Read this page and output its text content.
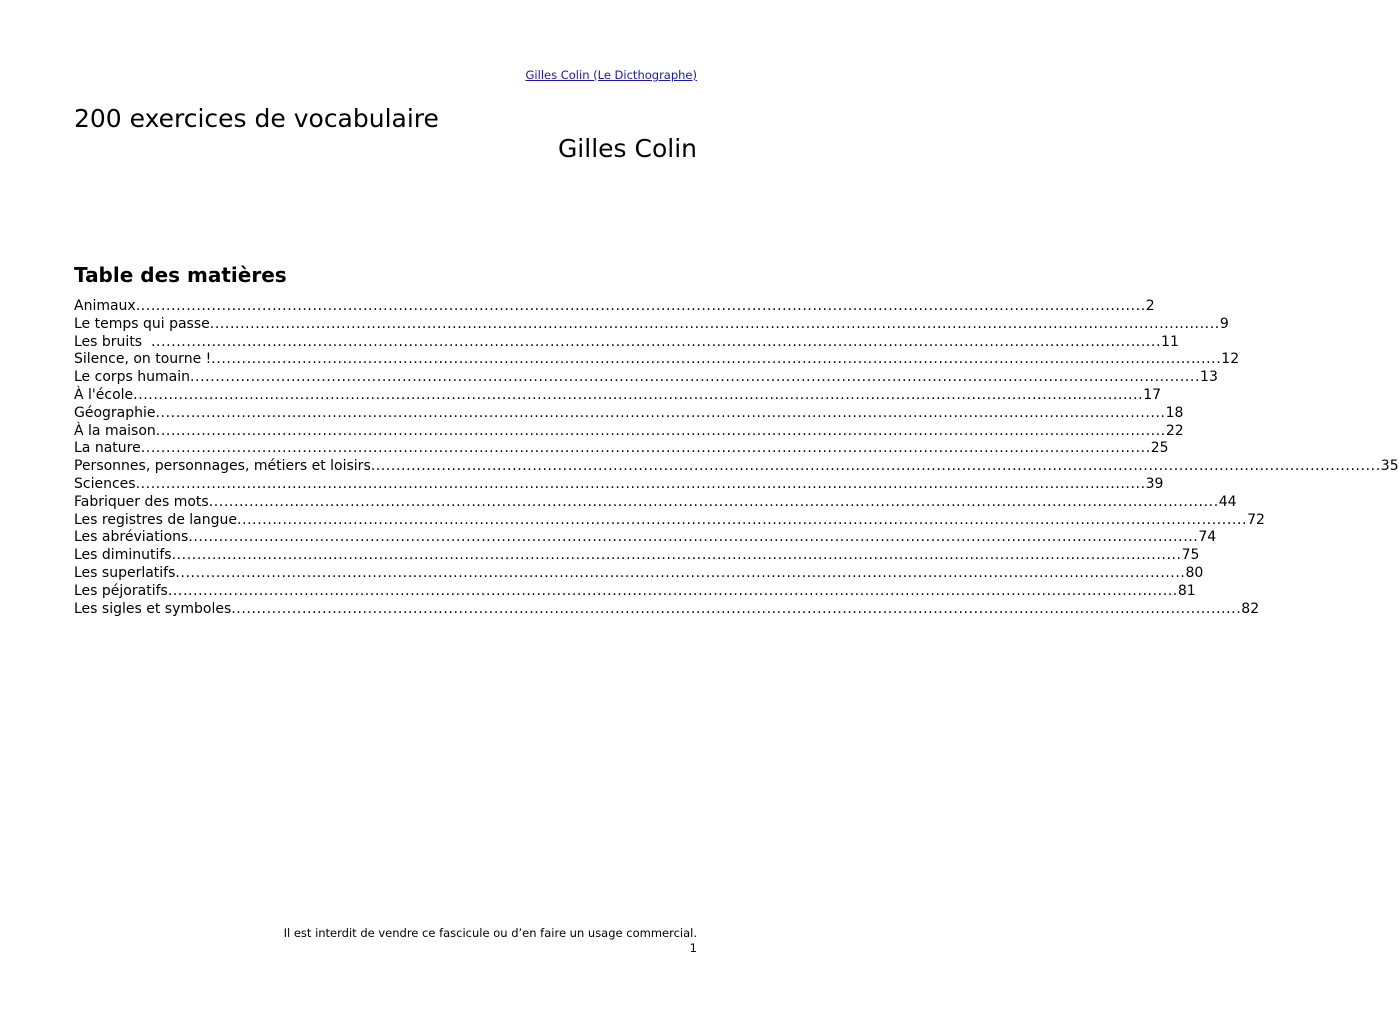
Gilles Colin (Le Dicthographe)
200 exercices de vocabulaire
Gilles Colin
Table des matières
Animaux ........................................................................................................................................................................................................ 2
Le temps qui passe ........................................................................................................................................................................................................ 9
Les bruits ........................................................................................................................................................................................................ 11
Silence, on tourne ! ........................................................................................................................................................................................................ 12
Le corps humain ........................................................................................................................................................................................................ 13
À l'école ........................................................................................................................................................................................................ 17
Géographie ........................................................................................................................................................................................................ 18
À la maison ........................................................................................................................................................................................................ 22
La nature ........................................................................................................................................................................................................ 25
Personnes, personnages, métiers et loisirs ........................................................................................................................................................................................................ 35
Sciences ........................................................................................................................................................................................................ 39
Fabriquer des mots ........................................................................................................................................................................................................ 44
Les registres de langue ........................................................................................................................................................................................................ 72
Les abréviations ........................................................................................................................................................................................................ 74
Les diminutifs ........................................................................................................................................................................................................ 75
Les superlatifs ........................................................................................................................................................................................................ 80
Les péjoratifs ........................................................................................................................................................................................................ 81
Les sigles et symboles ........................................................................................................................................................................................................ 82

Il est interdit de vendre ce fascicule ou d’en faire un usage commercial.

1
